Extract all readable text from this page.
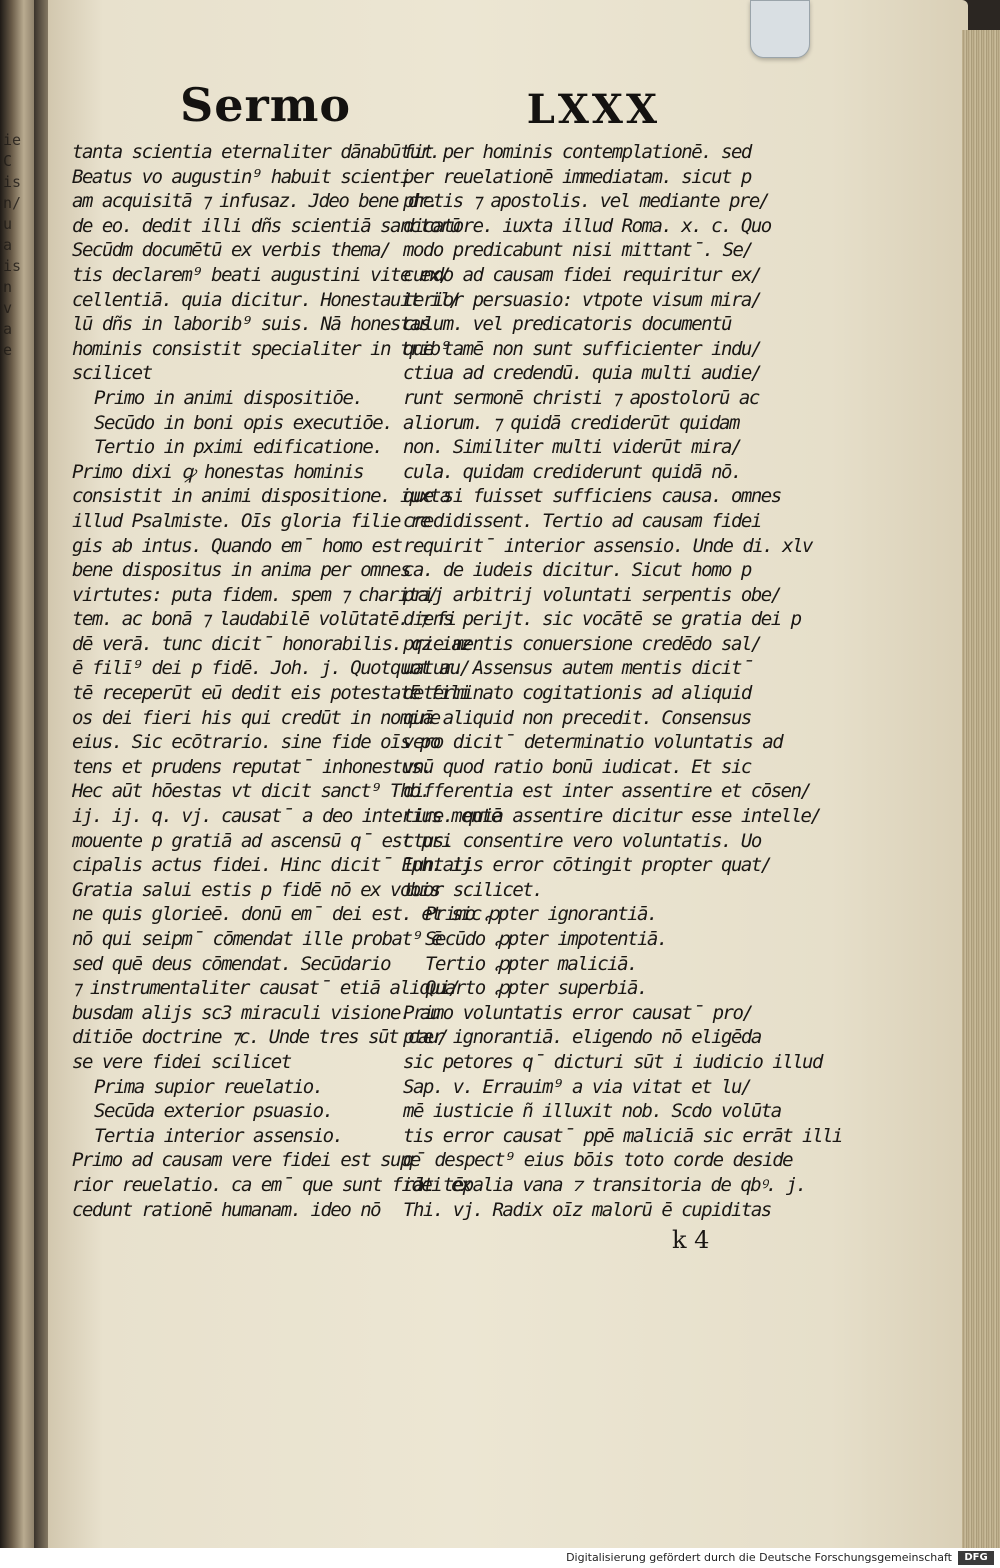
ie
C
is
n/
u
a
is
n
v
a
e
Sermo	LXXX
tanta scientia eternaliter dānabūtur.
Beatus vo augustin⁹ habuit scienti
am acquisitā ⁊ infusaz. Jdeo bene dr.
de eo. dedit illi dñs scientiā sanctorū
Secūdm documētū ex verbis thema/
tis declarem⁹ beati augustini vite ex/
cellentiā. quia dicitur. Honestauit il/
lū dñs in laborib⁹ suis. Nā honestas
hominis consistit specialiter in trib⁹
scilicet
Primo in animi dispositiōe.
Secūdo in boni opis executiōe.
Tertio in pximi edificatione.
Primo dixi ꝙ honestas hominis
consistit in animi dispositione. iuxta
illud Psalmiste. Oīs gloria filie re
gis ab intus. Quando em̄ homo est
bene dispositus in anima per omnes
virtutes: puta fidem. spem ⁊ charita/
tem. ac bonā ⁊ laudabilē volūtatē. ⁊ fi
dē verā. tunc dicit̄ honorabilis. qz iaz
ē filī⁹ dei p fidē. Joh. j. Quotquot au/
tē receperūt eū dedit eis potestatē fili
os dei fieri his qui credūt in nomine
eius. Sic ecōtrario. sine fide oīs po
tens et prudens reputat̄ inhonestus.
Hec aūt hōestas vt dicit sanct⁹ Tho.
ij. ij. q. vj. causat̄ a deo interius mentē
mouente p gratiā ad ascensū q̄ est pri
cipalis actus fidei. Hinc dicit̄ Eph. ij
Gratia salui estis p fidē nō ex vobis
ne quis glorieē. donū em̄ dei est. et sic
nō qui seipm̄ cōmendat ille probat⁹ ē
sed quē deus cōmendat. Secūdario
⁊ instrumentaliter causat̄ etiā aliqui/
busdam alijs sc3 miraculi visione. au
ditiōe doctrine ⁊c. Unde tres sūt cau/
se vere fidei scilicet
Prima supior reuelatio.
Secūda exterior psuasio.
Tertia interior assensio.
Primo ad causam vere fidei est supe
rior reuelatio. ca em̄ que sunt fidei ex
cedunt rationē humanam. ideo nō
fit per hominis contemplationē. sed
per reuelationē immediatam. sicut p
phetis ⁊ apostolis. vel mediante pre/
dicatore. iuxta illud Roma. x. c. Quo
modo predicabunt nisi mittant̄. Se/
cundo ad causam fidei requiritur ex/
terior persuasio: vtpote visum mira/
culum. vel predicatoris documentū
que tamē non sunt sufficienter indu/
ctiua ad credendū. quia multi audie/
runt sermonē christi ⁊ apostolorū ac
aliorum. ⁊ quidā crediderūt quidam
non. Similiter multi viderūt mira/
cula. quidam crediderunt quidā nō.
que si fuisset sufficiens causa. omnes
credidissent. Tertio ad causam fidei
requirit̄ interior assensio. Unde di. xlv
ca. de iudeis dicitur. Sicut homo p
prij arbitrij voluntati serpentis obe/
diens perijt. sic vocātē se gratia dei p
prie mentis conuersione credēdo sal/
uatur. Assensus autem mentis dicit̄
determinato cogitationis ad aliquid
quā aliquid non precedit. Consensus
vero dicit̄ determinatio voluntatis ad
vnū quod ratio bonū iudicat. Et sic
differentia est inter assentire et cōsen/
tire. quia assentire dicitur esse intelle/
ctus. consentire vero voluntatis. Uo
luntatis error cōtingit propter quat/
tuor scilicet.
Primo ꝓpter ignorantiā.
Secūdo ꝓpter impotentiā.
Tertio ꝓpter maliciā.
Quarto ꝓpter superbiā.
Primo voluntatis error causat̄ pro/
pter ignorantiā. eligendo nō eligēda
sic petores q̄ dicturi sūt i iudicio illud
Sap. v. Errauim⁹ a via vitat et lu/
mē iusticie ñ illuxit nob. Scdo volūta
tis error causat̄ ppē maliciā sic errāt illi
q̄ despect⁹ eius bōis toto corde deside
rāt tēpalia vana ⁊ transitoria de qbꝰ. j.
Thi. vj. Radix oīz malorū ē cupiditas
k 4
Digitalisierung gefördert durch die Deutsche Forschungsgemeinschaft	DFG
